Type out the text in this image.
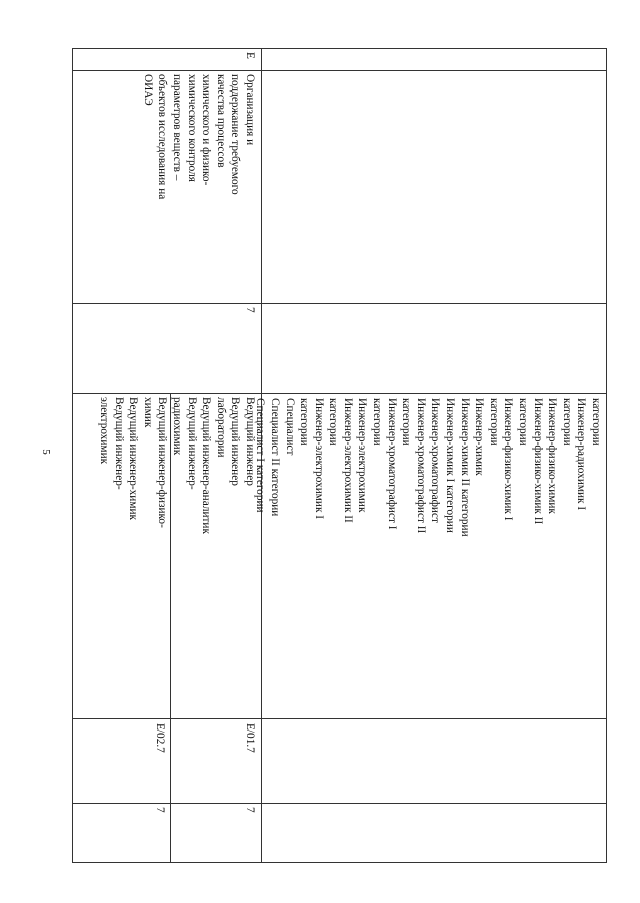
5
категории
Инженер-радиохимик I
категории
Инженер-физико-химик
Инженер-физико-химик II
категории
Инженер-физико-химик I
категории
Инженер-химик
Инженер-химик II категории
Инженер-химик I категории
Инженер-хроматографист
Инженер-хроматографист II
категории
Инженер-хроматографист I
категории
Инженер-электрохимик
Инженер-электрохимик II
категории
Инженер-электрохимик I
категории
Специалист
Специалист II категории
Специалист I категории
E
Организация и
поддержание требуемого
качества процессов
химического и физико-
химического контроля
параметров веществ –
объектов исследования на
ОИАЭ
7
Ведущий инженер
Ведущий инженер
лаборатории
Ведущий инженер-аналитик
Ведущий инженер-
радиохимик
Ведущий инженер-физико-
химик
Ведущий инженер-химик
Ведущий инженер-
электрохимик
E/01.7
7
E/02.7
7
